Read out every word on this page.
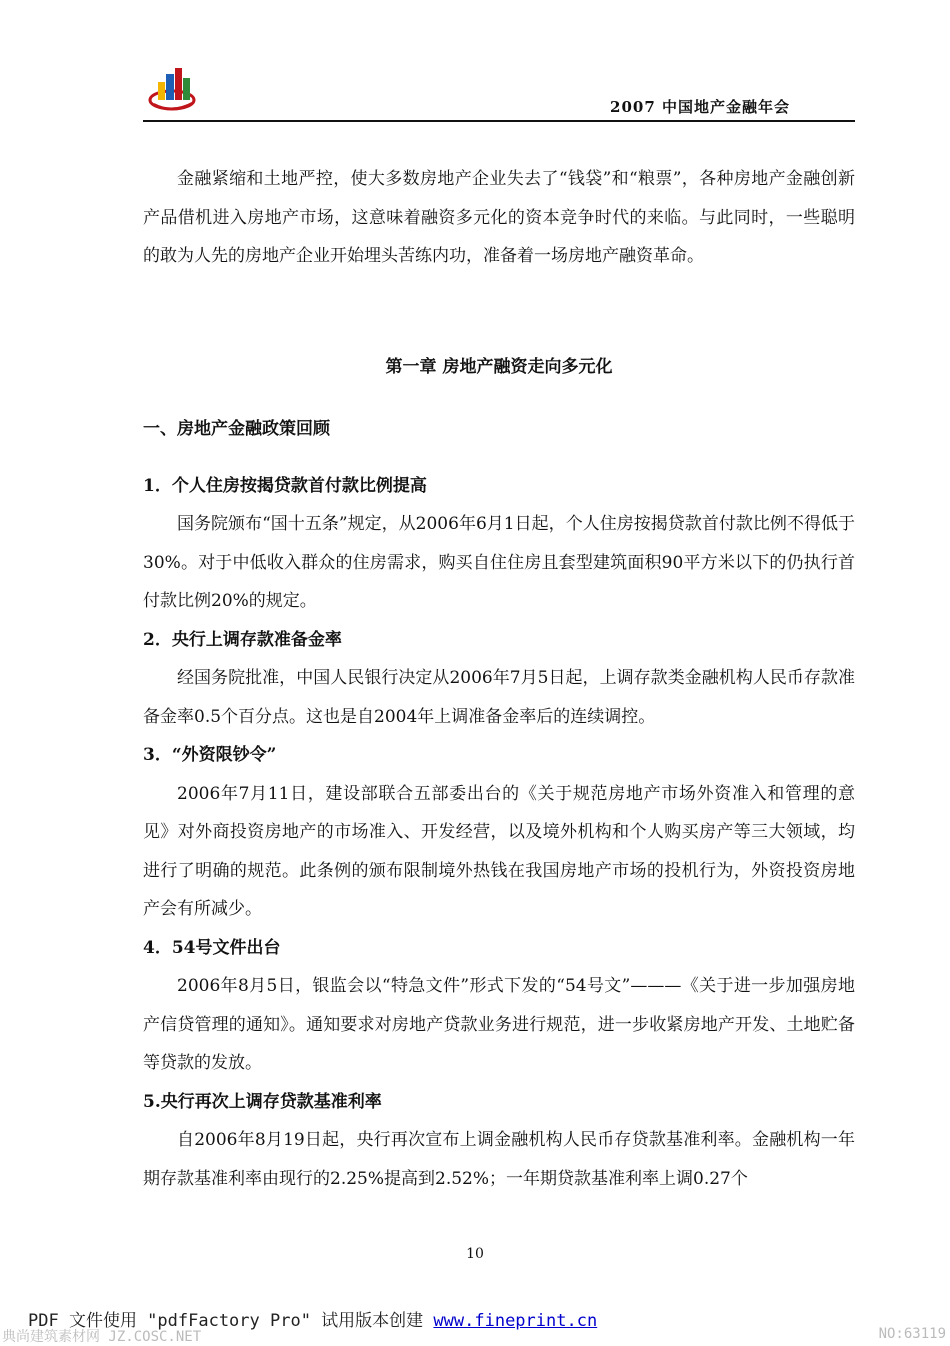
2007 中国地产金融年会

金融紧缩和土地严控，使大多数房地产企业失去了“钱袋”和“粮票”，各种房地产金融创新产品借机进入房地产市场，这意味着融资多元化的资本竞争时代的来临。与此同时，一些聪明的敢为人先的房地产企业开始埋头苦练内功，准备着一场房地产融资革命。

第一章 房地产融资走向多元化
一、房地产金融政策回顾
1．个人住房按揭贷款首付款比例提高

国务院颁布“国十五条”规定，从2006年6月1日起，个人住房按揭贷款首付款比例不得低于30%。对于中低收入群众的住房需求，购买自住住房且套型建筑面积90平方米以下的仍执行首付款比例20%的规定。

2．央行上调存款准备金率

经国务院批准，中国人民银行决定从2006年7月5日起，上调存款类金融机构人民币存款准备金率0.5个百分点。这也是自2004年上调准备金率后的连续调控。

3．“外资限钞令”

2006年7月11日，建设部联合五部委出台的《关于规范房地产市场外资准入和管理的意见》对外商投资房地产的市场准入、开发经营，以及境外机构和个人购买房产等三大领域，均进行了明确的规范。此条例的颁布限制境外热钱在我国房地产市场的投机行为，外资投资房地产会有所减少。

4．54号文件出台

2006年8月5日，银监会以“特急文件”形式下发的“54号文”———《关于进一步加强房地产信贷管理的通知》。通知要求对房地产贷款业务进行规范，进一步收紧房地产开发、土地贮备等贷款的发放。

5.央行再次上调存贷款基准利率

自2006年8月19日起，央行再次宣布上调金融机构人民币存贷款基准利率。金融机构一年期存款基准利率由现行的2.25%提高到2.52%；一年期贷款基准利率上调0.27个

10
PDF 文件使用 "pdfFactory Pro" 试用版本创建 www.fineprint.cn
典尚建筑素材网 JZ.COSC.NET	NO:63119
